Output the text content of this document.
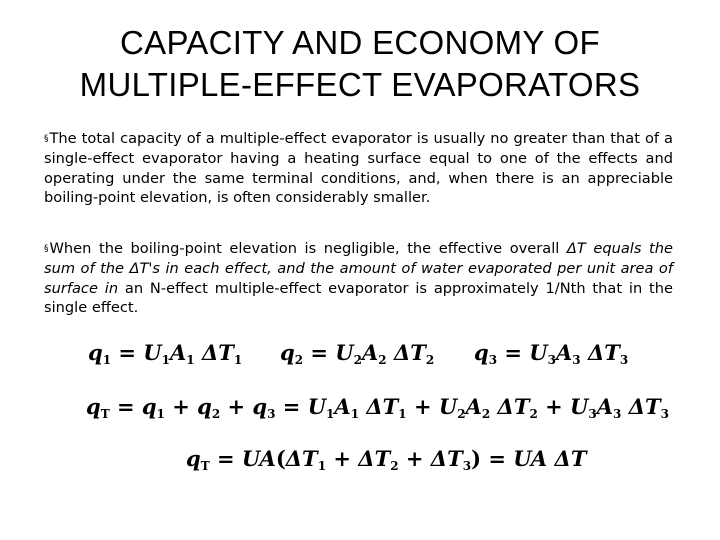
CAPACITY AND ECONOMY OF
MULTIPLE-EFFECT EVAPORATORS
§The total capacity of a multiple-effect evaporator is usually no greater than that of a single-effect evaporator having a heating surface equal to one of the effects and operating under the same terminal conditions, and, when there is an appreciable boiling-point elevation, is often considerably smaller.
§When the boiling-point elevation is negligible, the effective overall ΔT equals the sum of the ΔT's in each effect, and the amount of water evaporated per unit area of surface in an N-effect multiple-effect evaporator is approximately 1/Nth that in the single effect.
$q_1 = U_1A_1$ $\Delta T_1$ $q_2 = U_2A_2$ $\Delta T_2$ $q_3 = U_3A_3$ $\Delta T_3$
$q_T = q_1 + q_2 + q_3 = U_1A_1$ $\Delta T_1 + U_2A_2$ $\Delta T_2 + U_3A_3$ $\Delta T_3$
$q_T = UA(\Delta T_1 + \Delta T_2 + \Delta T_3)$ = UA ΔT
